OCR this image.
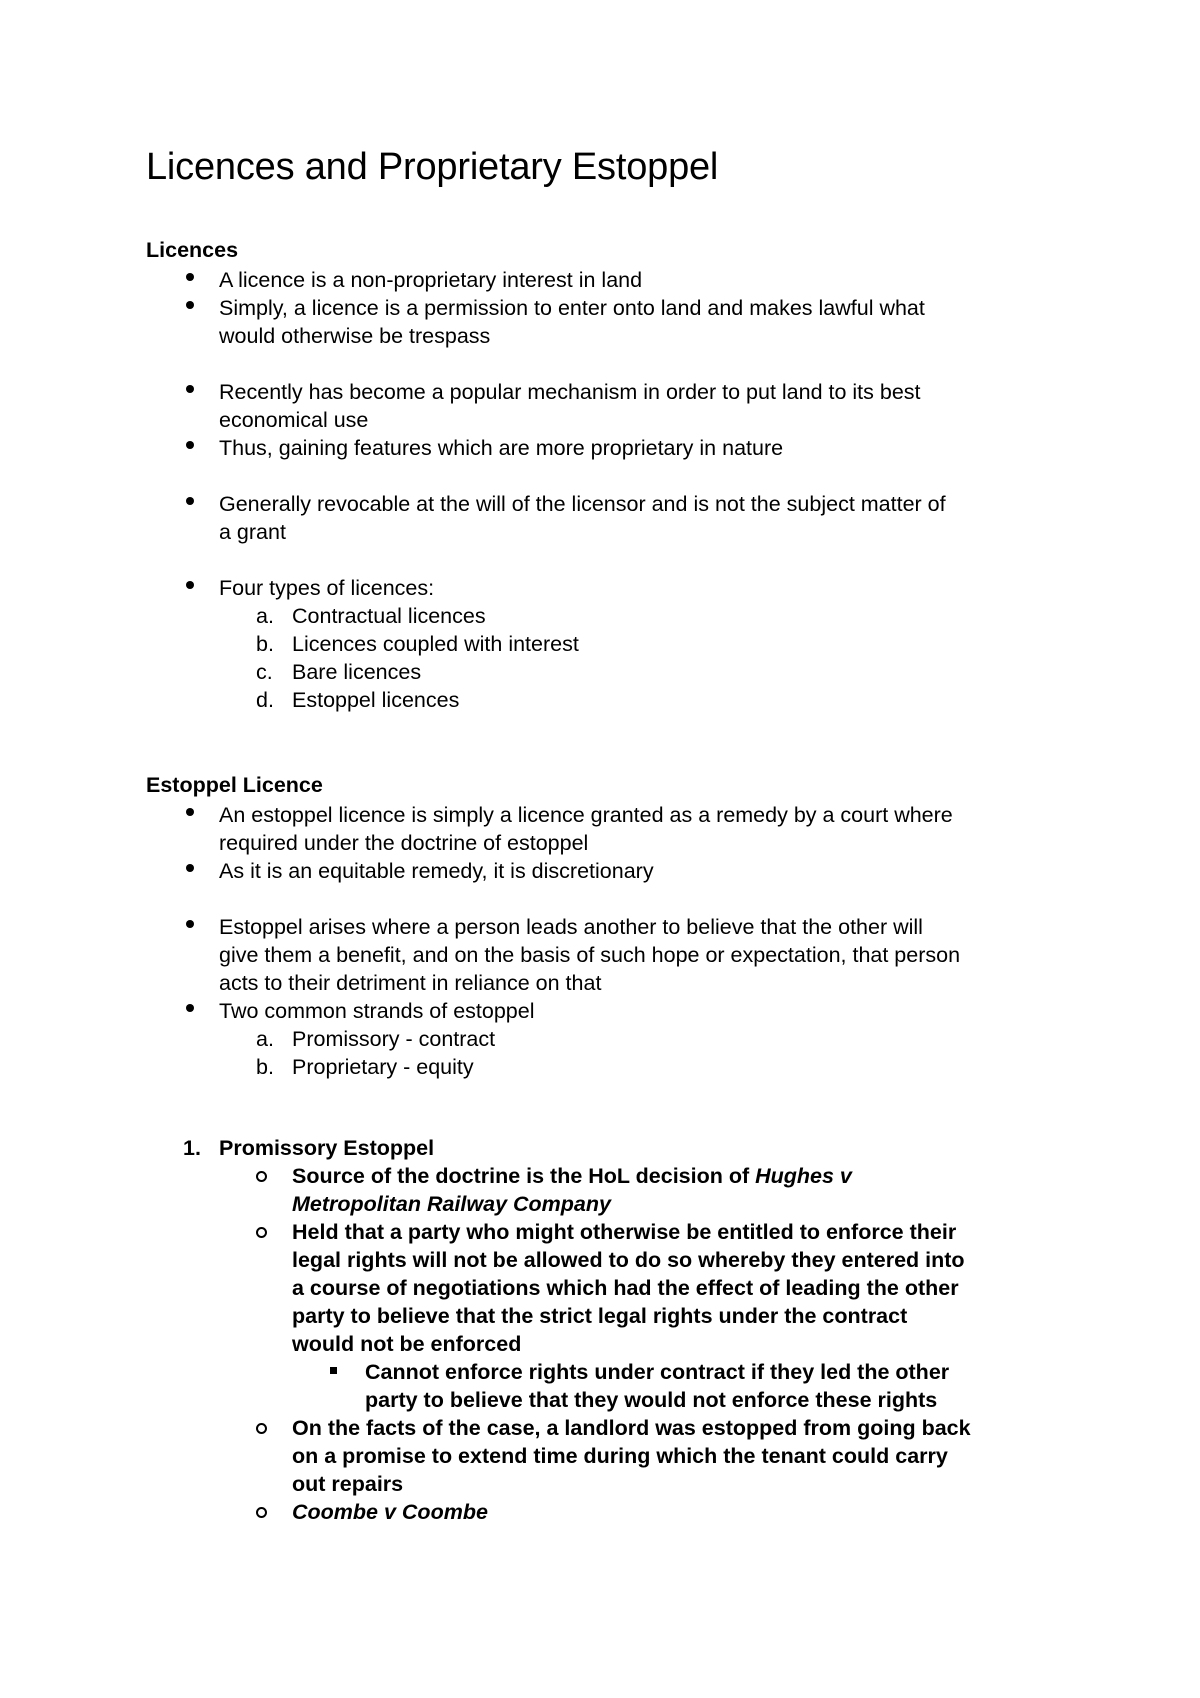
Licences and Proprietary Estoppel
Licences
A licence is a non-proprietary interest in land
Simply, a licence is a permission to enter onto land and makes lawful what
would otherwise be trespass
Recently has become a popular mechanism in order to put land to its best
economical use
Thus, gaining features which are more proprietary in nature
Generally revocable at the will of the licensor and is not the subject matter of
a grant
Four types of licences:
a. Contractual licences
b. Licences coupled with interest
c. Bare licences
d. Estoppel licences
Estoppel Licence
An estoppel licence is simply a licence granted as a remedy by a court where
required under the doctrine of estoppel
As it is an equitable remedy, it is discretionary
Estoppel arises where a person leads another to believe that the other will
give them a benefit, and on the basis of such hope or expectation, that person
acts to their detriment in reliance on that
Two common strands of estoppel
a. Promissory - contract
b. Proprietary - equity
1. Promissory Estoppel
Source of the doctrine is the HoL decision of Hughes v
Metropolitan Railway Company
Held that a party who might otherwise be entitled to enforce their
legal rights will not be allowed to do so whereby they entered into
a course of negotiations which had the effect of leading the other
party to believe that the strict legal rights under the contract
would not be enforced
Cannot enforce rights under contract if they led the other
party to believe that they would not enforce these rights
On the facts of the case, a landlord was estopped from going back
on a promise to extend time during which the tenant could carry
out repairs
Coombe v Coombe
